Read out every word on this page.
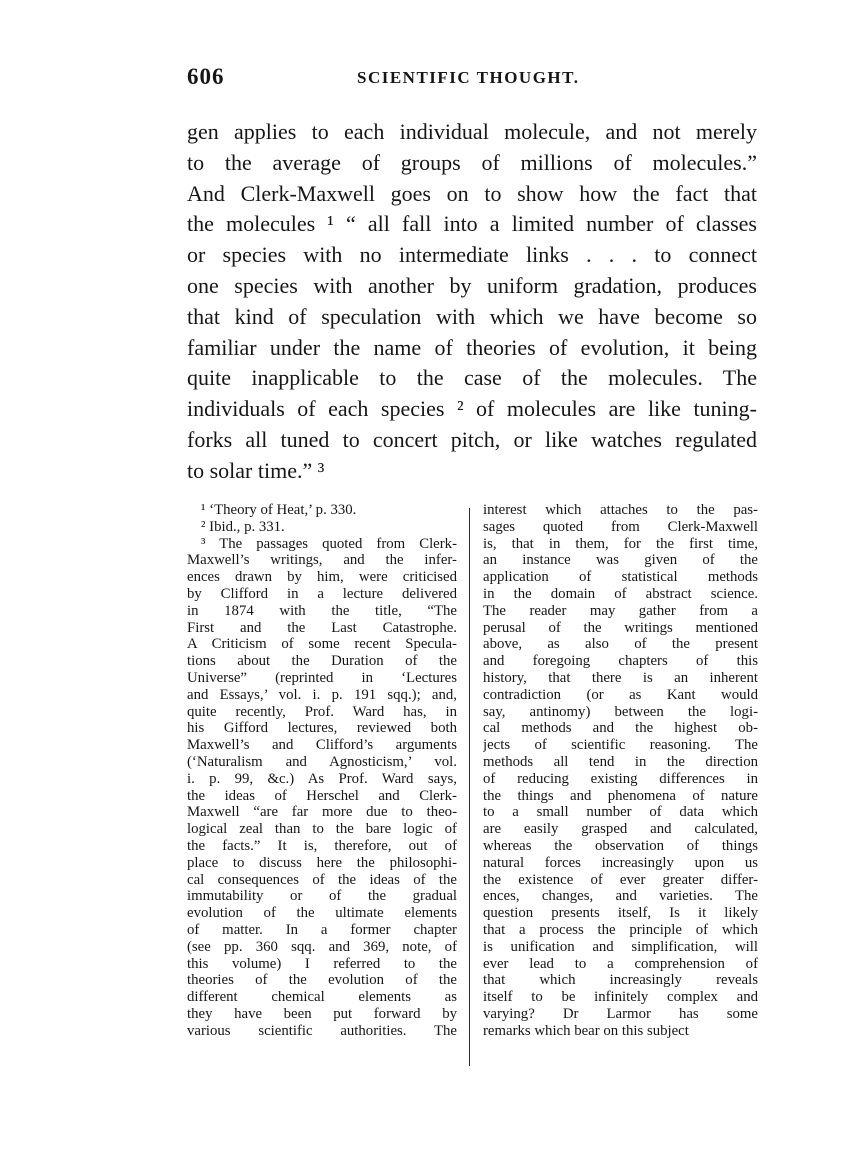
606	SCIENTIFIC THOUGHT.
gen applies to each individual molecule, and not merely
to the average of groups of millions of molecules.”
And Clerk-Maxwell goes on to show how the fact that
the molecules ¹ “ all fall into a limited number of classes
or species with no intermediate links . . . to connect
one species with another by uniform gradation, produces
that kind of speculation with which we have become so
familiar under the name of theories of evolution, it being
quite inapplicable to the case of the molecules. The
individuals of each species ² of molecules are like tuning-
forks all tuned to concert pitch, or like watches regulated
to solar time.” ³
¹ ‘Theory of Heat,’ p. 330.
² Ibid., p. 331.
³ The passages quoted from Clerk-
Maxwell’s writings, and the infer-
ences drawn by him, were criticised
by Clifford in a lecture delivered
in 1874 with the title, “The
First and the Last Catastrophe.
A Criticism of some recent Specula-
tions about the Duration of the
Universe” (reprinted in ‘Lectures
and Essays,’ vol. i. p. 191 sqq.); and,
quite recently, Prof. Ward has, in
his Gifford lectures, reviewed both
Maxwell’s and Clifford’s arguments
(‘Naturalism and Agnosticism,’ vol.
i. p. 99, &c.) As Prof. Ward says,
the ideas of Herschel and Clerk-
Maxwell “are far more due to theo-
logical zeal than to the bare logic of
the facts.” It is, therefore, out of
place to discuss here the philosophi-
cal consequences of the ideas of the
immutability or of the gradual
evolution of the ultimate elements
of matter. In a former chapter
(see pp. 360 sqq. and 369, note, of
this volume) I referred to the
theories of the evolution of the
different chemical elements as
they have been put forward by
various scientific authorities. The
interest which attaches to the pas-
sages quoted from Clerk-Maxwell
is, that in them, for the first time,
an instance was given of the
application of statistical methods
in the domain of abstract science.
The reader may gather from a
perusal of the writings mentioned
above, as also of the present
and foregoing chapters of this
history, that there is an inherent
contradiction (or as Kant would
say, antinomy) between the logi-
cal methods and the highest ob-
jects of scientific reasoning. The
methods all tend in the direction
of reducing existing differences in
the things and phenomena of nature
to a small number of data which
are easily grasped and calculated,
whereas the observation of things
natural forces increasingly upon us
the existence of ever greater differ-
ences, changes, and varieties. The
question presents itself, Is it likely
that a process the principle of which
is unification and simplification, will
ever lead to a comprehension of
that which increasingly reveals
itself to be infinitely complex and
varying? Dr Larmor has some
remarks which bear on this subject
